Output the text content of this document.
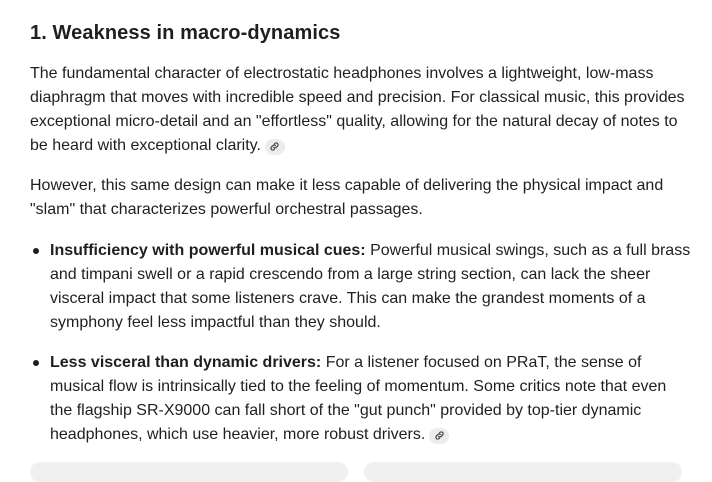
1. Weakness in macro-dynamics

The fundamental character of electrostatic headphones involves a lightweight, low-mass diaphragm that moves with incredible speed and precision. For classical music, this provides exceptional micro-detail and an "effortless" quality, allowing for the natural decay of notes to be heard with exceptional clarity.

However, this same design can make it less capable of delivering the physical impact and "slam" that characterizes powerful orchestral passages.

Insufficiency with powerful musical cues: Powerful musical swings, such as a full brass and timpani swell or a rapid crescendo from a large string section, can lack the sheer visceral impact that some listeners crave. This can make the grandest moments of a symphony feel less impactful than they should.
Less visceral than dynamic drivers: For a listener focused on PRaT, the sense of musical flow is intrinsically tied to the feeling of momentum. Some critics note that even the flagship SR-X9000 can fall short of the "gut punch" provided by top-tier dynamic headphones, which use heavier, more robust drivers.
